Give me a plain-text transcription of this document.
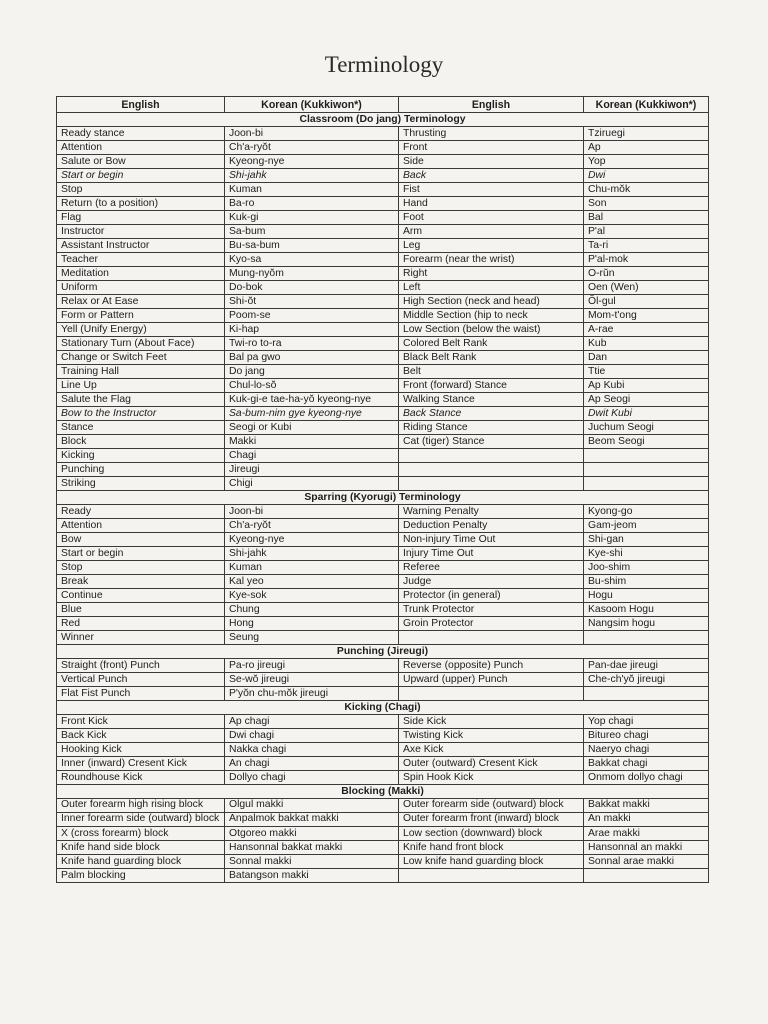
Terminology
English	Korean (Kukkiwon*)	English	Korean (Kukkiwon*)
Classroom (Do jang) Terminology			
Ready stance	Joon-bi	Thrusting	Tziruegi
Attention	Ch'a-ryŏt	Front	Ap
Salute or Bow	Kyeong-nye	Side	Yop
Start or begin	Shi-jahk	Back	Dwi
Stop	Kuman	Fist	Chu-mŏk
Return (to a position)	Ba-ro	Hand	Son
Flag	Kuk-gi	Foot	Bal
Instructor	Sa-bum	Arm	P'al
Assistant Instructor	Bu-sa-bum	Leg	Ta-ri
Teacher	Kyo-sa	Forearm (near the wrist)	P'al-mok
Meditation	Mung-nyŏm	Right	O-rŭn
Uniform	Do-bok	Left	Oen (Wen)
Relax or At Ease	Shi-ŏt	High Section (neck and head)	Ŏl-gul
Form or Pattern	Poom-se	Middle Section (hip to neck	Mom-t'ong
Yell (Unify Energy)	Ki-hap	Low Section (below the waist)	A-rae
Stationary Turn (About Face)	Twi-ro to-ra	Colored Belt Rank	Kub
Change or Switch Feet	Bal pa gwo	Black Belt Rank	Dan
Training Hall	Do jang	Belt	Ttie
Line Up	Chul-lo-sŏ	Front (forward) Stance	Ap Kubi
Salute the Flag	Kuk-gi-e tae-ha-yŏ kyeong-nye	Walking Stance	Ap Seogi
Bow to the Instructor	Sa-bum-nim gye kyeong-nye	Back Stance	Dwit Kubi
Stance	Seogi or Kubi	Riding Stance	Juchum Seogi
Block	Makki	Cat (tiger) Stance	Beom Seogi
Kicking	Chagi		
Punching	Jireugi		
Striking	Chigi		
Sparring (Kyorugi) Terminology			
Ready	Joon-bi	Warning Penalty	Kyong-go
Attention	Ch'a-ryŏt	Deduction Penalty	Gam-jeom
Bow	Kyeong-nye	Non-injury Time Out	Shi-gan
Start or begin	Shi-jahk	Injury Time Out	Kye-shi
Stop	Kuman	Referee	Joo-shim
Break	Kal yeo	Judge	Bu-shim
Continue	Kye-sok	Protector (in general)	Hogu
Blue	Chung	Trunk Protector	Kasoom Hogu
Red	Hong	Groin Protector	Nangsim hogu
Winner	Seung		
Punching (Jireugi)			
Straight (front) Punch	Pa-ro jireugi	Reverse (opposite) Punch	Pan-dae jireugi
Vertical Punch	Se-wŏ jireugi	Upward (upper) Punch	Che-ch'yŏ jireugi
Flat Fist Punch	P'yŏn chu-mŏk jireugi		
Kicking (Chagi)			
Front Kick	Ap chagi	Side Kick	Yop chagi
Back Kick	Dwi chagi	Twisting Kick	Bitureo chagi
Hooking Kick	Nakka chagi	Axe Kick	Naeryo chagi
Inner (inward) Cresent Kick	An chagi	Outer (outward) Cresent Kick	Bakkat chagi
Roundhouse Kick	Dollyo chagi	Spin Hook Kick	Onmom dollyo chagi
Blocking (Makki)			
Outer forearm high rising block	Olgul makki	Outer forearm side (outward) block	Bakkat makki
Inner forearm side (outward) block	Anpalmok bakkat makki	Outer forearm front (inward) block	An makki
X (cross forearm) block	Otgoreo makki	Low section (downward) block	Arae makki
Knife hand side block	Hansonnal bakkat makki	Knife hand front block	Hansonnal an makki
Knife hand guarding block	Sonnal makki	Low knife hand guarding block	Sonnal arae makki
Palm blocking	Batangson makki		
